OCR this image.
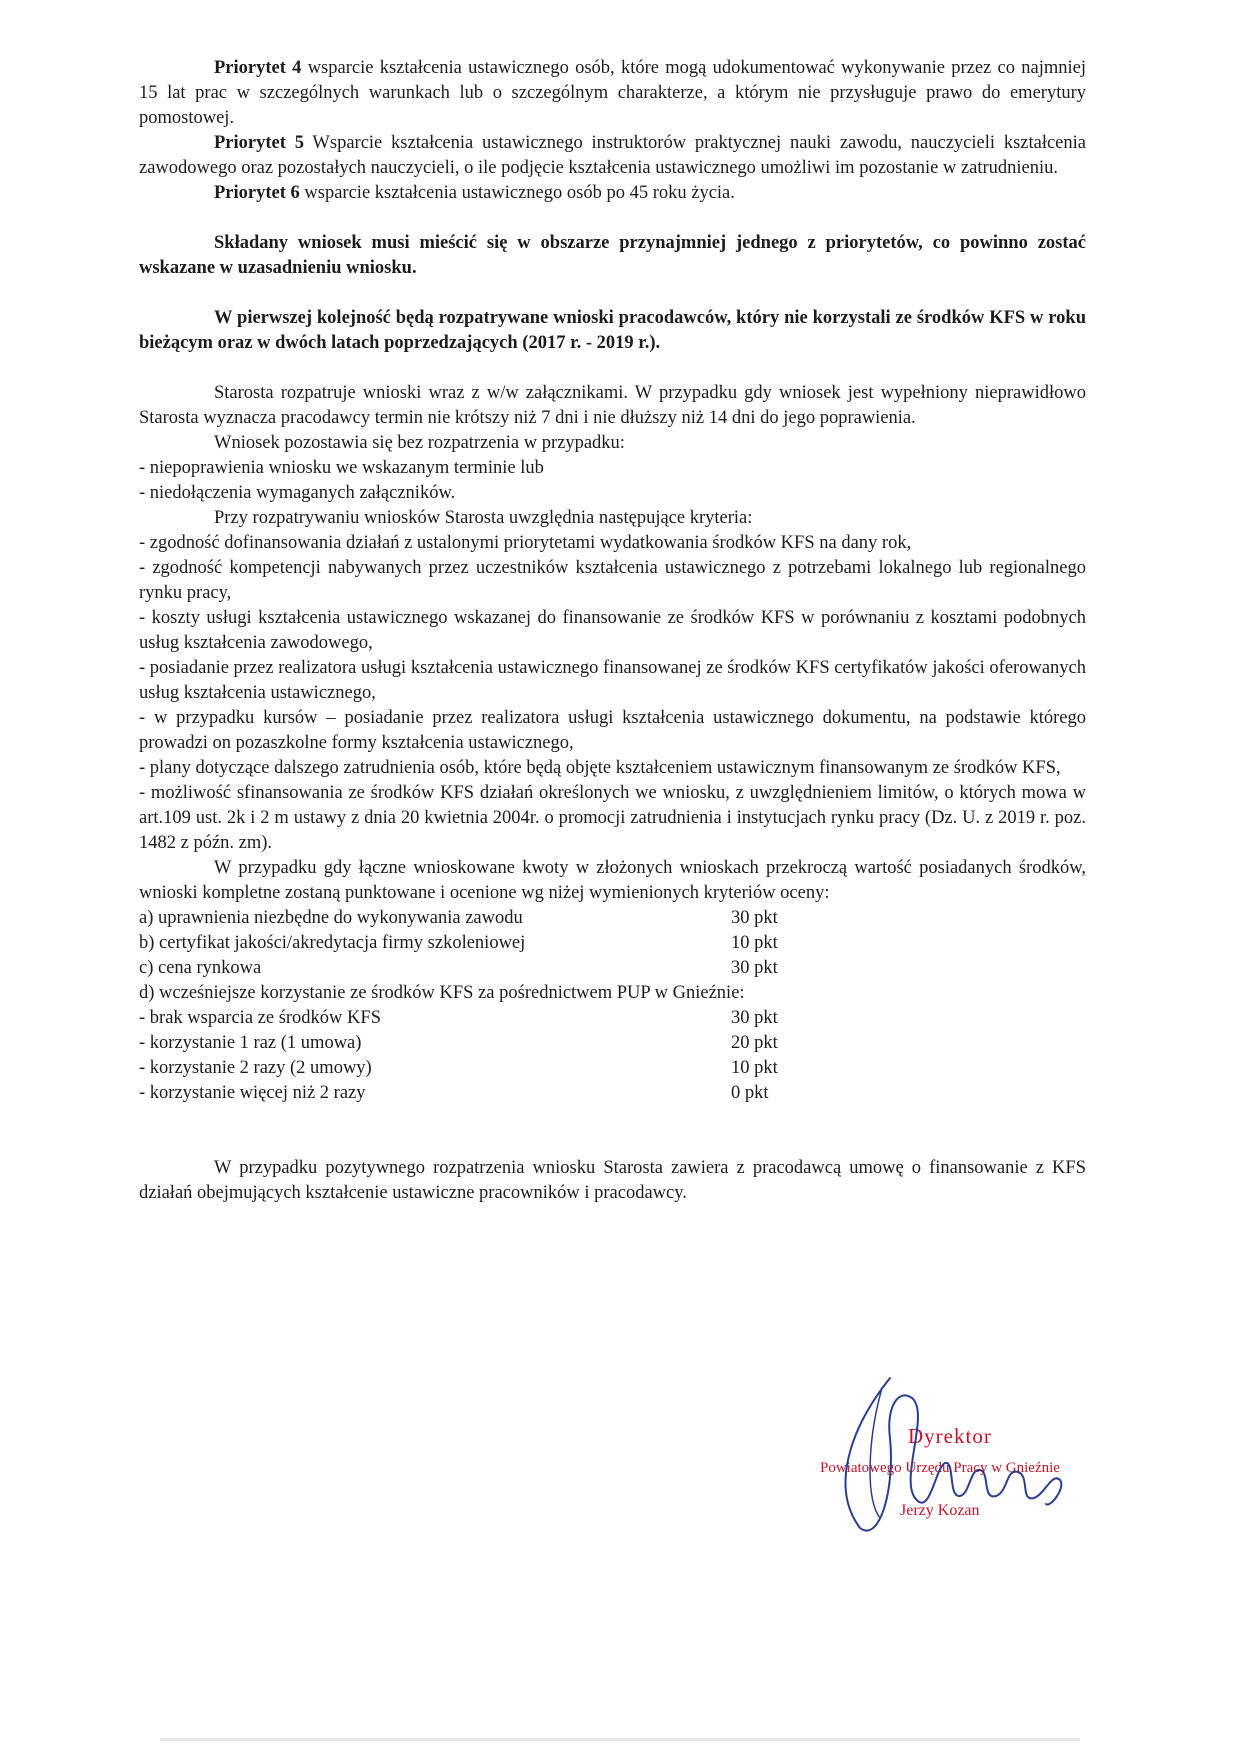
Priorytet 4 wsparcie kształcenia ustawicznego osób, które mogą udokumentować wykonywanie przez co najmniej 15 lat prac w szczególnych warunkach lub o szczególnym charakterze, a którym nie przysługuje prawo do emerytury pomostowej.

Priorytet 5 Wsparcie kształcenia ustawicznego instruktorów praktycznej nauki zawodu, nauczycieli kształcenia zawodowego oraz pozostałych nauczycieli, o ile podjęcie kształcenia ustawicznego umożliwi im pozostanie w zatrudnieniu.

Priorytet 6 wsparcie kształcenia ustawicznego osób po 45 roku życia.

Składany wniosek musi mieścić się w obszarze przynajmniej jednego z priorytetów, co powinno zostać wskazane w uzasadnieniu wniosku.

W pierwszej kolejność będą rozpatrywane wnioski pracodawców, który nie korzystali ze środków KFS w roku bieżącym oraz w dwóch latach poprzedzających (2017 r. - 2019 r.).

Starosta rozpatruje wnioski wraz z w/w załącznikami. W przypadku gdy wniosek jest wypełniony nieprawidłowo Starosta wyznacza pracodawcy termin nie krótszy niż 7 dni i nie dłuższy niż 14 dni do jego poprawienia.

Wniosek pozostawia się bez rozpatrzenia w przypadku:

- niepoprawienia wniosku we wskazanym terminie lub

- niedołączenia wymaganych załączników.

Przy rozpatrywaniu wniosków Starosta uwzględnia następujące kryteria:

- zgodność dofinansowania działań z ustalonymi priorytetami wydatkowania środków KFS na dany rok,

- zgodność kompetencji nabywanych przez uczestników kształcenia ustawicznego z potrzebami lokalnego lub regionalnego rynku pracy,

- koszty usługi kształcenia ustawicznego wskazanej do finansowanie ze środków KFS w porównaniu z kosztami podobnych usług kształcenia zawodowego,

- posiadanie przez realizatora usługi kształcenia ustawicznego finansowanej ze środków KFS certyfikatów jakości oferowanych usług kształcenia ustawicznego,

- w przypadku kursów – posiadanie przez realizatora usługi kształcenia ustawicznego dokumentu, na podstawie którego prowadzi on pozaszkolne formy kształcenia ustawicznego,

- plany dotyczące dalszego zatrudnienia osób, które będą objęte kształceniem ustawicznym finansowanym ze środków KFS,

- możliwość sfinansowania ze środków KFS działań określonych we wniosku, z uwzględnieniem limitów, o których mowa w art.109 ust. 2k i 2 m ustawy z dnia 20 kwietnia 2004r. o promocji zatrudnienia i instytucjach rynku pracy (Dz. U. z 2019 r. poz. 1482 z późn. zm).

W przypadku gdy łączne wnioskowane kwoty w złożonych wnioskach przekroczą wartość posiadanych środków, wnioski kompletne zostaną punktowane i ocenione wg niżej wymienionych kryteriów oceny:

a) uprawnienia niezbędne do wykonywania zawodu	30 pkt
b) certyfikat jakości/akredytacja firmy szkoleniowej	10 pkt
c) cena rynkowa	30 pkt
d) wcześniejsze korzystanie ze środków KFS za pośrednictwem PUP w Gnieźnie:
- brak wsparcia ze środków KFS	30 pkt
- korzystanie 1 raz (1 umowa)	20 pkt
- korzystanie 2 razy (2 umowy)	10 pkt
- korzystanie więcej niż 2 razy	0 pkt

W przypadku pozytywnego rozpatrzenia wniosku Starosta zawiera z pracodawcą umowę o finansowanie z KFS działań obejmujących kształcenie ustawiczne pracowników i pracodawcy.

Dyrektor
Powiatowego Urzędu Pracy w Gnieźnie
Jerzy Kozan
